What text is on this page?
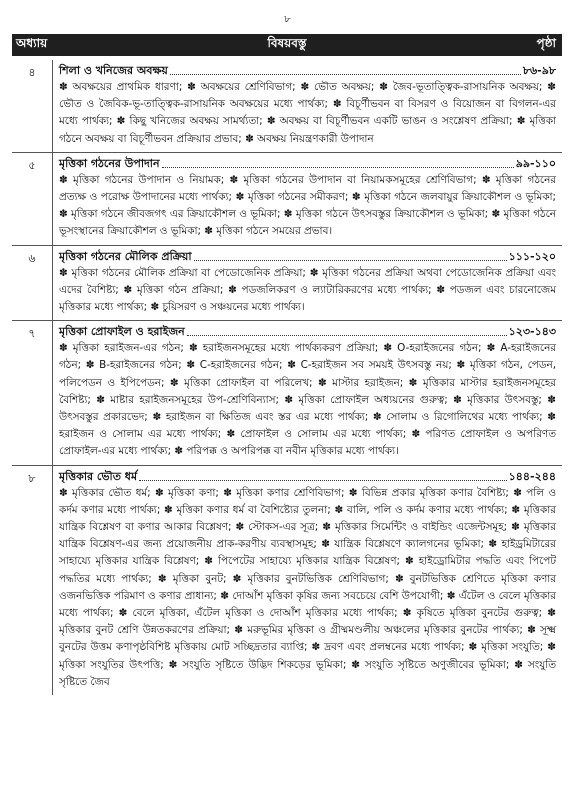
৮
অধ্যায়	বিষয়বস্তু	পৃষ্ঠা
৪	শিলা ও খনিজের অবক্ষয়	৮৬-৯৮
✽ অবক্ষয়ের প্রাথমিক ধারণা; ✽ অবক্ষয়ের শ্রেণিবিভাগ; ✽ ভৌত অবক্ষয়; ✽ জৈব-ভূতাত্ত্বিক-রাসায়নিক অবক্ষয়; ✽ ভৌত ও জৈবিক-ভূ-তাত্ত্বিক-রাসায়নিক অবক্ষয়ের মধ্যে পার্থক্য; ✽ বিচূর্ণীভবন বা বিসরণ ও বিয়োজন বা বিগলন-এর মধ্যে পার্থক্য; ✽ কিছু খনিজের অবক্ষয় সামর্থ্যতা; ✽ অবক্ষয় বা বিচূর্ণীভবন একটি ভাঙন ও সংশ্লেষণ প্রক্রিয়া; ✽ মৃত্তিকা গঠনে অবক্ষয় বা বিচূর্ণীভবন প্রক্রিয়ার প্রভাব; ✽ অবক্ষয় নিয়ন্ত্রণকারী উপাদান
৫	মৃত্তিকা গঠনের উপাদান	৯৯-১১০
✽ মৃত্তিকা গঠনের উপাদান ও নিয়ামক; ✽ মৃত্তিকা গঠনের উপাদান বা নিয়ামকসমূহের শ্রেণিবিভাগ; ✽ মৃত্তিকা গঠনের প্রত্যক্ষ ও পরোক্ষ উপাদানের মধ্যে পার্থক্য; ✽ মৃত্তিকা গঠনের সমীকরণ; ✽ মৃত্তিকা গঠনে জলবায়ুর ক্রিয়াকৌশল ও ভূমিকা; ✽ মৃত্তিকা গঠনে জীবজগৎ এর ক্রিয়াকৌশল ও ভূমিকা; ✽ মৃত্তিকা গঠনে উৎসবস্তুর ক্রিয়াকৌশল ও ভূমিকা; ✽ মৃত্তিকা গঠনে ভূসংস্থানের ক্রিয়াকৌশল ও ভূমিকা; ✽ মৃত্তিকা গঠনে সময়ের প্রভাব।
৬	মৃত্তিকা গঠনের মৌলিক প্রক্রিয়া	১১১-১২০
✽ মৃত্তিকা গঠনের মৌলিক প্রক্রিয়া বা পেডোজেনিক প্রক্রিয়া; ✽ মৃত্তিকা গঠনের প্রক্রিয়া অথবা পেডোজেনিক প্রক্রিয়া এবং এদের বৈশিষ্ট্য; ✽ মৃত্তিকা গঠন প্রক্রিয়া; ✽ পডজলিকরণ ও ল্যাটারিকরণের মধ্যে পার্থক্য; ✽ পডজল এবং চারনোজেম মৃত্তিকার মধ্যে পার্থক্য; ✽ চুয়িসরণ ও সঞ্চয়নের মধ্যে পার্থক্য।
৭	মৃত্তিকা প্রোফাইল ও হরাইজন	১২৩-১৪৩
✽ মৃত্তিকা হরাইজন-এর গঠন; ✽ হরাইজনসমূহের মধ্যে পার্থক্যকরণ প্রক্রিয়া; ✽ O-হরাইজনের গঠন; ✽ A-হরাইজনের গঠন; ✽ B-হরাইজনের গঠন; ✽ C-হরাইজনের গঠন; ✽ C-হরাইজন সব সময়ই উৎসবস্তু নয়; ✽ মৃত্তিকা গঠন, পেডন, পলিপেডন ও ইপিপেডন; ✽ মৃত্তিকা প্রোফাইল বা পরিলেখ; ✽ মাস্টার হরাইজন; ✽ মৃত্তিকার মাস্টার হরাইজনসমূহের বৈশিষ্ট্য; ✽ মাষ্টার হরাইজনসমূহের উপ-শ্রেণিবিন্যাস; ✽ মৃত্তিকা প্রোফাইল অধ্যয়নের গুরুত্ব; ✽ মৃত্তিকার উৎসবস্তু; ✽ উৎসবস্তুর প্রকারভেদ; ✽ হরাইজন বা ক্ষিতিজ এবং স্তর এর মধ্যে পার্থক্য; ✽ সোলাম ও রিগোলিথের মধ্যে পার্থক্য; ✽ হরাইজন ও সোলাম এর মধ্যে পার্থক্য; ✽ প্রোফাইল ও সোলাম এর মধ্যে পার্থক্য; ✽ পরিণত প্রোফাইল ও অপরিণত প্রোফাইল-এর মধ্যে পার্থক্য; ✽ পরিপক্ক ও অপরিপক্ক বা নবীন মৃত্তিকার মধ্যে পার্থক্য।
৮	মৃত্তিকার ভৌত ধর্ম	১৪৪-২৪৪
✽ মৃত্তিকার ভৌত ধর্ম; ✽ মৃত্তিকা কণা; ✽ মৃত্তিকা কণার শ্রেণিবিভাগ; ✽ বিভিন্ন প্রকার মৃত্তিকা কণার বৈশিষ্ট্য; ✽ পলি ও কর্দম কণার মধ্যে পার্থক্য; ✽ মৃত্তিকা কণার ধর্ম বা বৈশিষ্ট্যের তুলনা; ✽ বালি, পলি ও কর্দম কণার মধ্যে পার্থক্য; ✽ মৃত্তিকার যান্ত্রিক বিশ্লেষণ বা কণার আকার বিশ্লেষণ; ✽ স্টোকস-এর সূত্র; ✽ মৃত্তিকার সিমেন্টিং ও বাইন্ডিং এজেন্টসমূহ; ✽ মৃত্তিকার যান্ত্রিক বিশ্লেষণ-এর জন্য প্রয়োজনীয় প্রাক-করণীয় ব্যবস্থাসমূহ; ✽ যান্ত্রিক বিশ্লেষণে ক্যালগনের ভূমিকা; ✽ হাইড্রমিটারের সাহায্যে মৃত্তিকার যান্ত্রিক বিশ্লেষণ; ✽ পিপেটের সাহায্যে মৃত্তিকার যান্ত্রিক বিশ্লেষণ; ✽ হাইড্রোমিটার পদ্ধতি এবং পিপেট পদ্ধতির মধ্যে পার্থক্য; ✽ মৃত্তিকা বুনট; ✽ মৃত্তিকার বুনটভিত্তিক শ্রেণিবিভাগ; ✽ বুনটভিত্তিক শ্রেণিতে মৃত্তিকা কণার ওজনভিত্তিক পরিমাণ ও কণার প্রাধান্য; ✽ দোআঁশ মৃত্তিকা কৃষির জন্য সবচেয়ে বেশি উপযোগী; ✽ এঁটেল ও বেলে মৃত্তিকার মধ্যে পার্থক্য; ✽ বেলে মৃত্তিকা, এঁটেল মৃত্তিকা ও দোআঁশ মৃত্তিকার মধ্যে পার্থক্য; ✽ কৃষিতে মৃত্তিকা বুনটের গুরুত্ব; ✽ মৃত্তিকার বুনট শ্রেণি উন্নতকরণের প্রক্রিয়া; ✽ মরুভূমির মৃত্তিকা ও গ্রীষ্মমণ্ডলীয় অঞ্চলের মৃত্তিকার বুনটের পার্থক্য; ✽ সূক্ষ্ম বুনটের উত্তম কণাপৃষ্ঠবিশিষ্ট মৃত্তিকায় মোট সচ্ছিদ্রতার ব্যাপ্তি; ✽ দ্রবণ এবং প্রলম্বনের মধ্যে পার্থক্য; ✽ মৃত্তিকা সংযুতি; ✽ মৃত্তিকা সংযুতির উৎপত্তি; ✽ সংযুতি সৃষ্টিতে উদ্ভিদ শিকড়ের ভূমিকা; ✽ সংযুতি সৃষ্টিতে অণুজীবের ভূমিকা; ✽ সংযুতি সৃষ্টিতে জৈব
